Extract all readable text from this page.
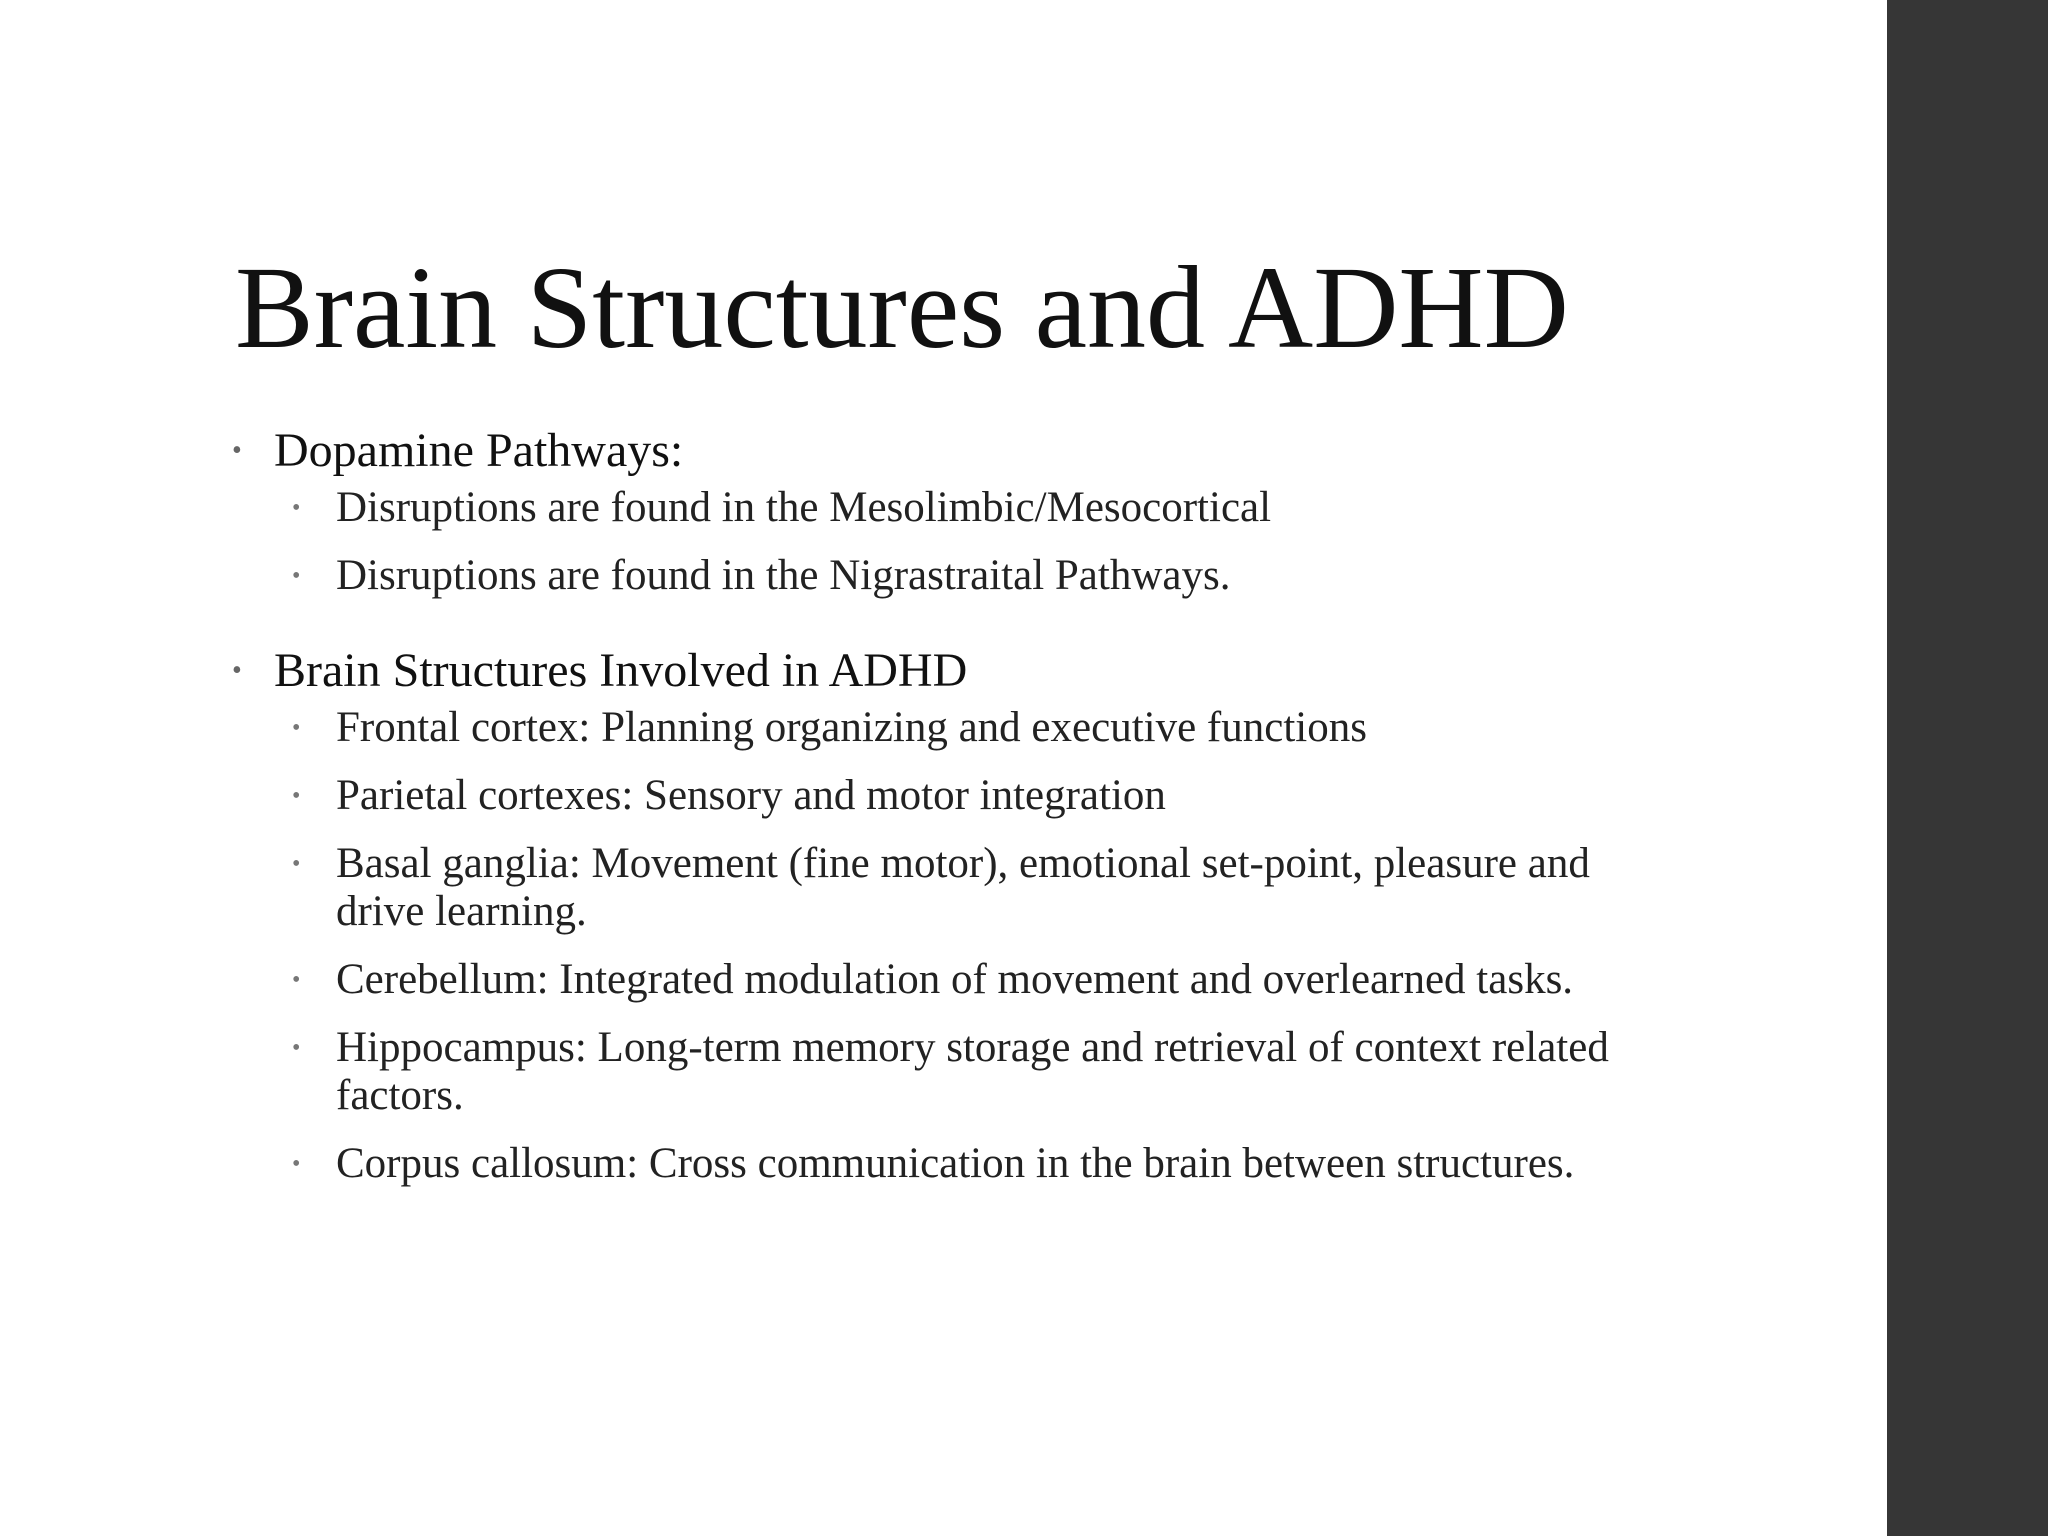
Brain Structures and ADHD
• Dopamine Pathways:
• Disruptions are found in the Mesolimbic/Mesocortical
• Disruptions are found in the Nigrastraital Pathways.
• Brain Structures Involved in ADHD
• Frontal cortex: Planning organizing and executive functions
• Parietal cortexes: Sensory and motor integration
• Basal ganglia: Movement (fine motor), emotional set-point, pleasure and drive learning.
• Cerebellum: Integrated modulation of movement and overlearned tasks.
• Hippocampus: Long-term memory storage and retrieval of context related factors.
• Corpus callosum: Cross communication in the brain between structures.
